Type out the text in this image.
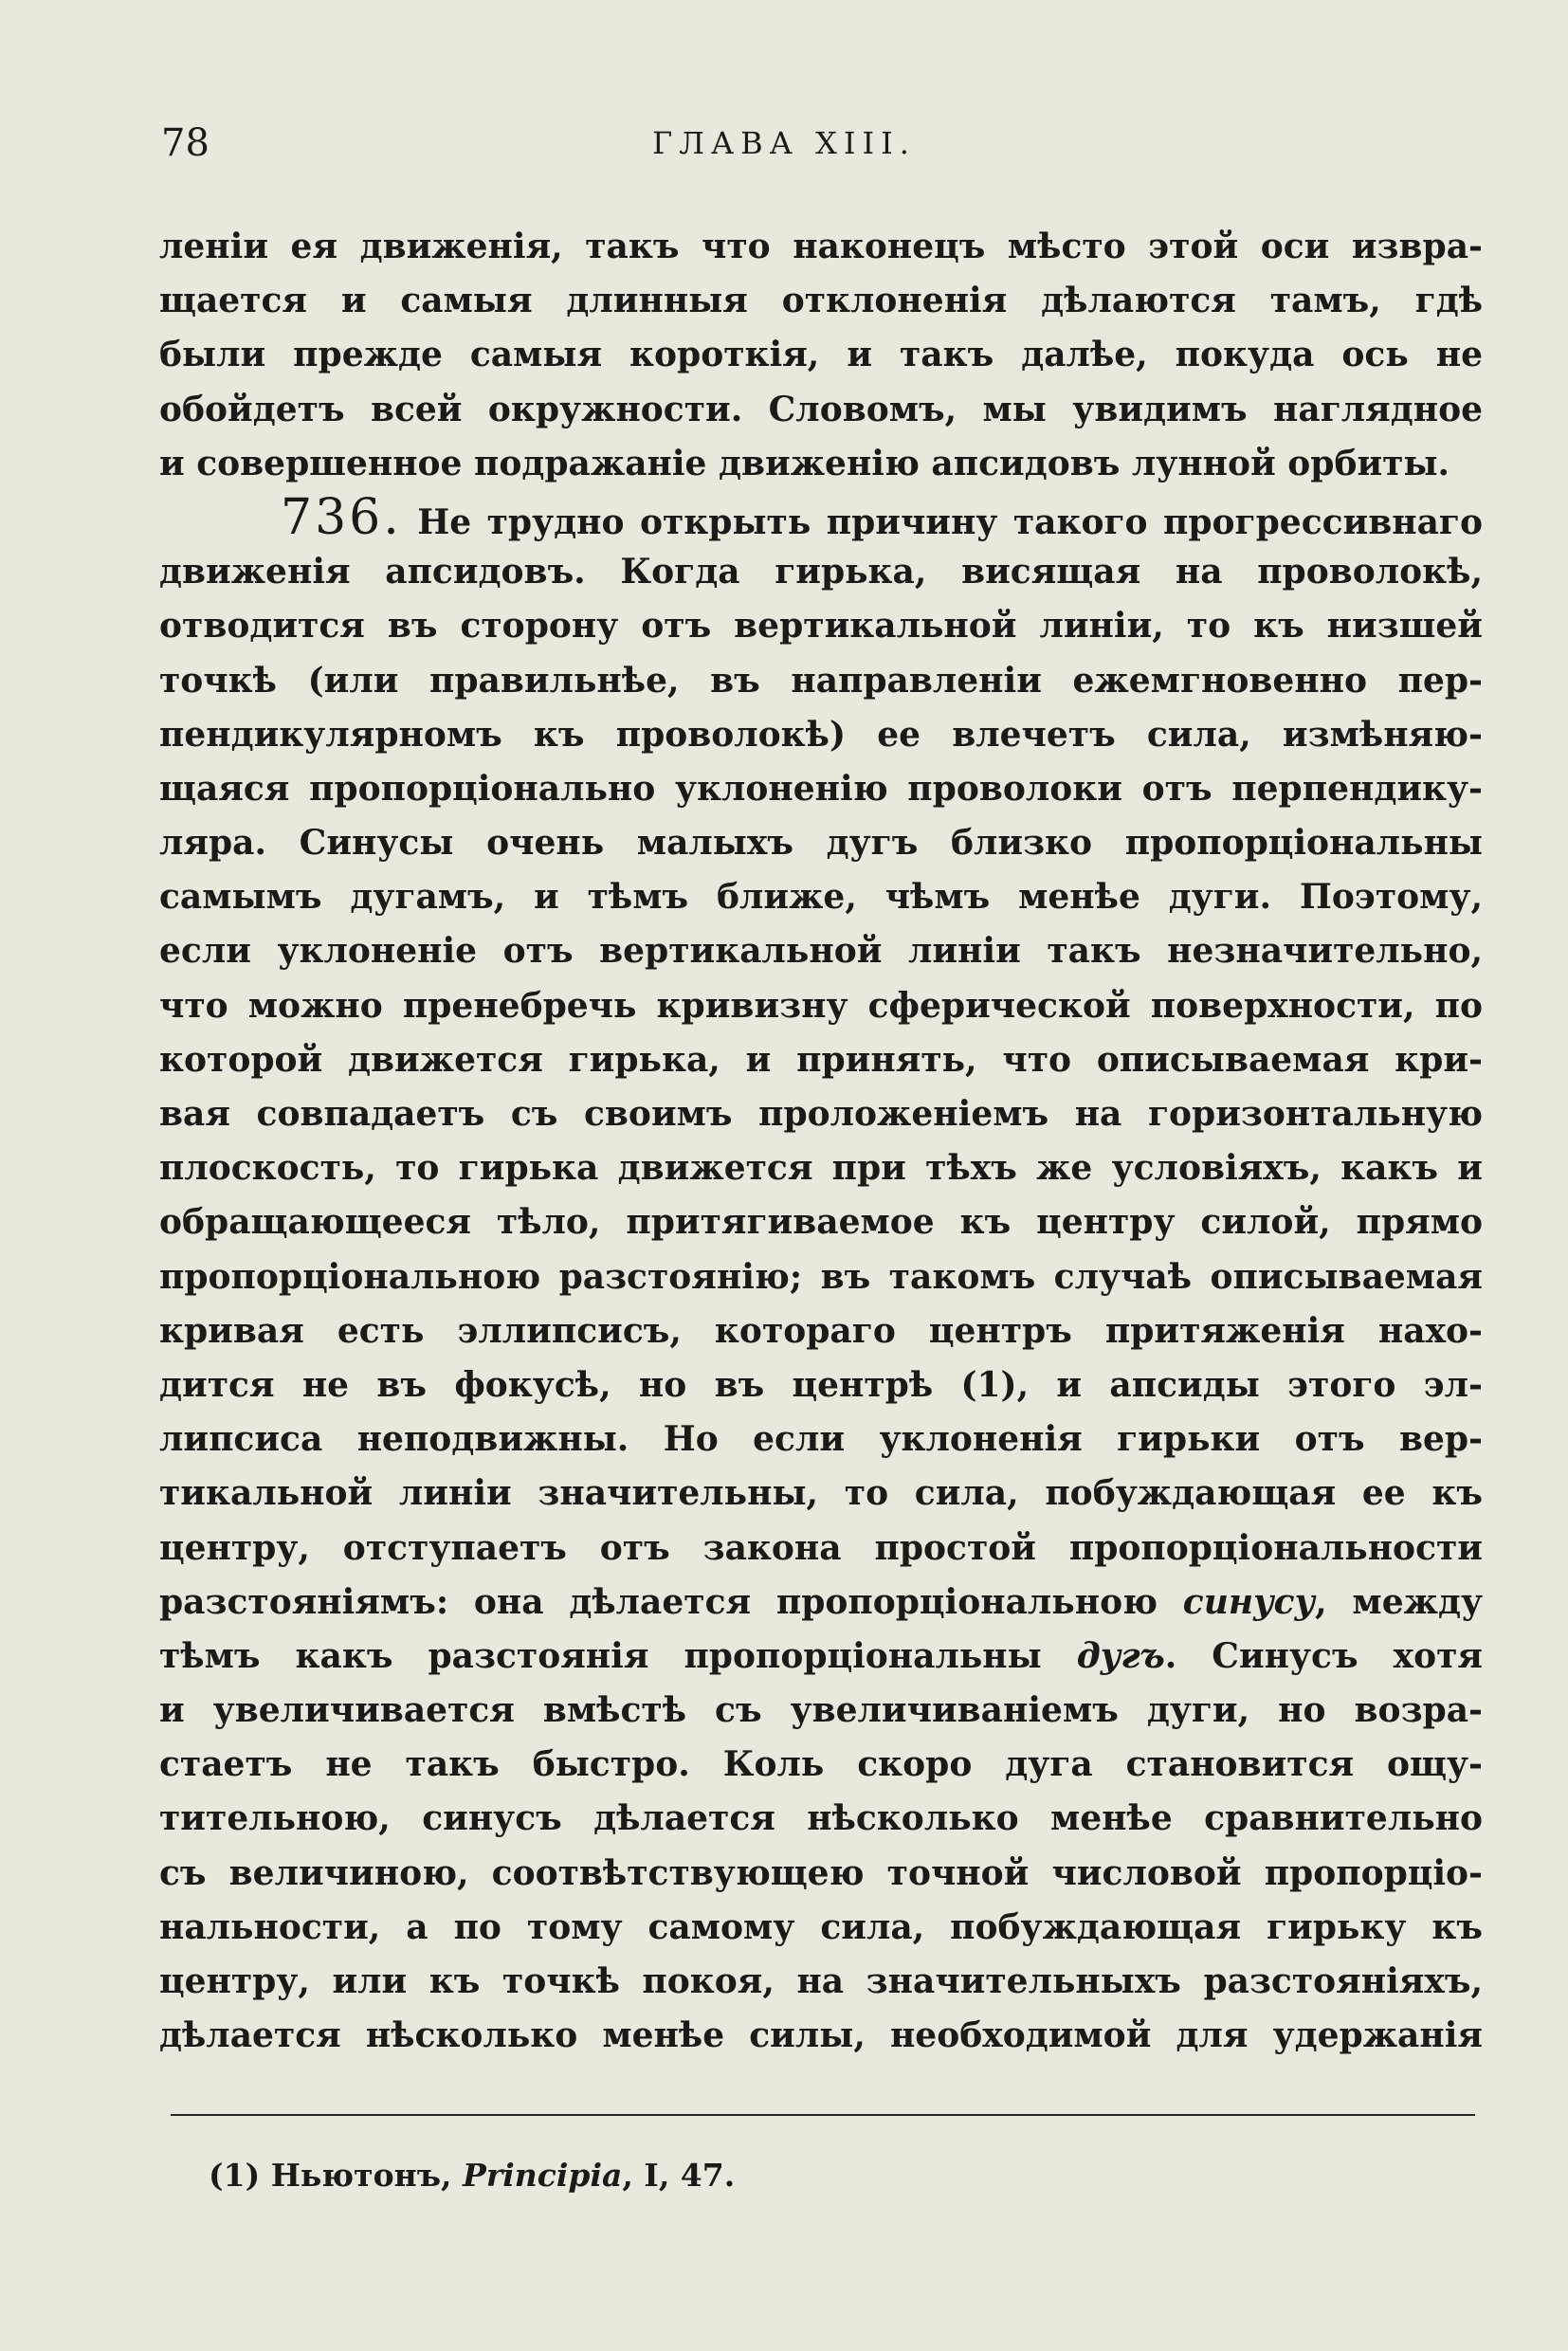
78	ГЛАВА XIII.
леніи ея движенія, такъ что наконецъ мѣсто этой оси извра-
щается и самыя длинныя отклоненія дѣлаются тамъ, гдѣ
были прежде самыя короткія, и такъ далѣе, покуда ось не
обойдетъ всей окружности. Словомъ, мы увидимъ наглядное
и совершенное подражаніе движенію апсидовъ лунной орбиты.
736. Не трудно открыть причину такого прогрессивнаго
движенія апсидовъ. Когда гирька, висящая на проволокѣ,
отводится въ сторону отъ вертикальной линіи, то къ низшей
точкѣ (или правильнѣе, въ направленіи ежемгновенно пер-
пендикулярномъ къ проволокѣ) ее влечетъ сила, измѣняю-
щаяся пропорціонально уклоненію проволоки отъ перпендику-
ляра. Синусы очень малыхъ дугъ близко пропорціональны
самымъ дугамъ, и тѣмъ ближе, чѣмъ менѣе дуги. Поэтому,
если уклоненіе отъ вертикальной линіи такъ незначительно,
что можно пренебречь кривизну сферической поверхности, по
которой движется гирька, и принять, что описываемая кри-
вая совпадаетъ съ своимъ проложеніемъ на горизонтальную
плоскость, то гирька движется при тѣхъ же условіяхъ, какъ и
обращающееся тѣло, притягиваемое къ центру силой, прямо
пропорціональною разстоянію; въ такомъ случаѣ описываемая
кривая есть эллипсисъ, котораго центръ притяженія нахо-
дится не въ фокусѣ, но въ центрѣ (1), и апсиды этого эл-
липсиса неподвижны. Но если уклоненія гирьки отъ вер-
тикальной линіи значительны, то сила, побуждающая ее къ
центру, отступаетъ отъ закона простой пропорціональности
разстояніямъ: она дѣлается пропорціональною синусу, между
тѣмъ какъ разстоянія пропорціональны дугъ. Синусъ хотя
и увеличивается вмѣстѣ съ увеличиваніемъ дуги, но возра-
стаетъ не такъ быстро. Коль скоро дуга становится ощу-
тительною, синусъ дѣлается нѣсколько менѣе сравнительно
съ величиною, соотвѣтствующею точной числовой пропорціо-
нальности, а по тому самому сила, побуждающая гирьку къ
центру, или къ точкѣ покоя, на значительныхъ разстояніяхъ,
дѣлается нѣсколько менѣе силы, необходимой для удержанія
(1) Ньютонъ, Principia, I, 47.
